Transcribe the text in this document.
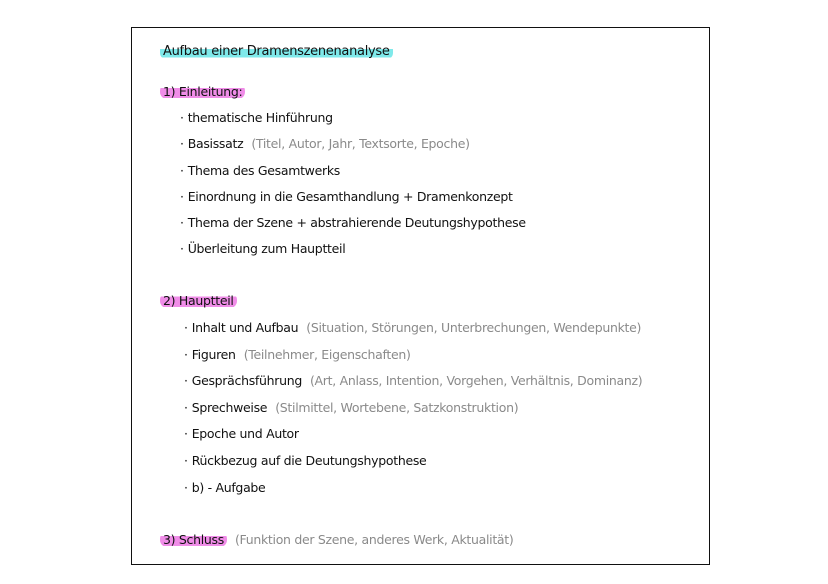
Aufbau einer Dramenszenenanalyse
1) Einleitung:
· thematische Hinführung
· Basissatz (Titel, Autor, Jahr, Textsorte, Epoche)
· Thema des Gesamtwerks
· Einordnung in die Gesamthandlung + Dramenkonzept
· Thema der Szene + abstrahierende Deutungshypothese
· Überleitung zum Hauptteil
2) Hauptteil
· Inhalt und Aufbau (Situation, Störungen, Unterbrechungen, Wendepunkte)
· Figuren (Teilnehmer, Eigenschaften)
· Gesprächsführung (Art, Anlass, Intention, Vorgehen, Verhältnis, Dominanz)
· Sprechweise (Stilmittel, Wortebene, Satzkonstruktion)
· Epoche und Autor
· Rückbezug auf die Deutungshypothese
· b) - Aufgabe
3) Schluss (Funktion der Szene, anderes Werk, Aktualität)
